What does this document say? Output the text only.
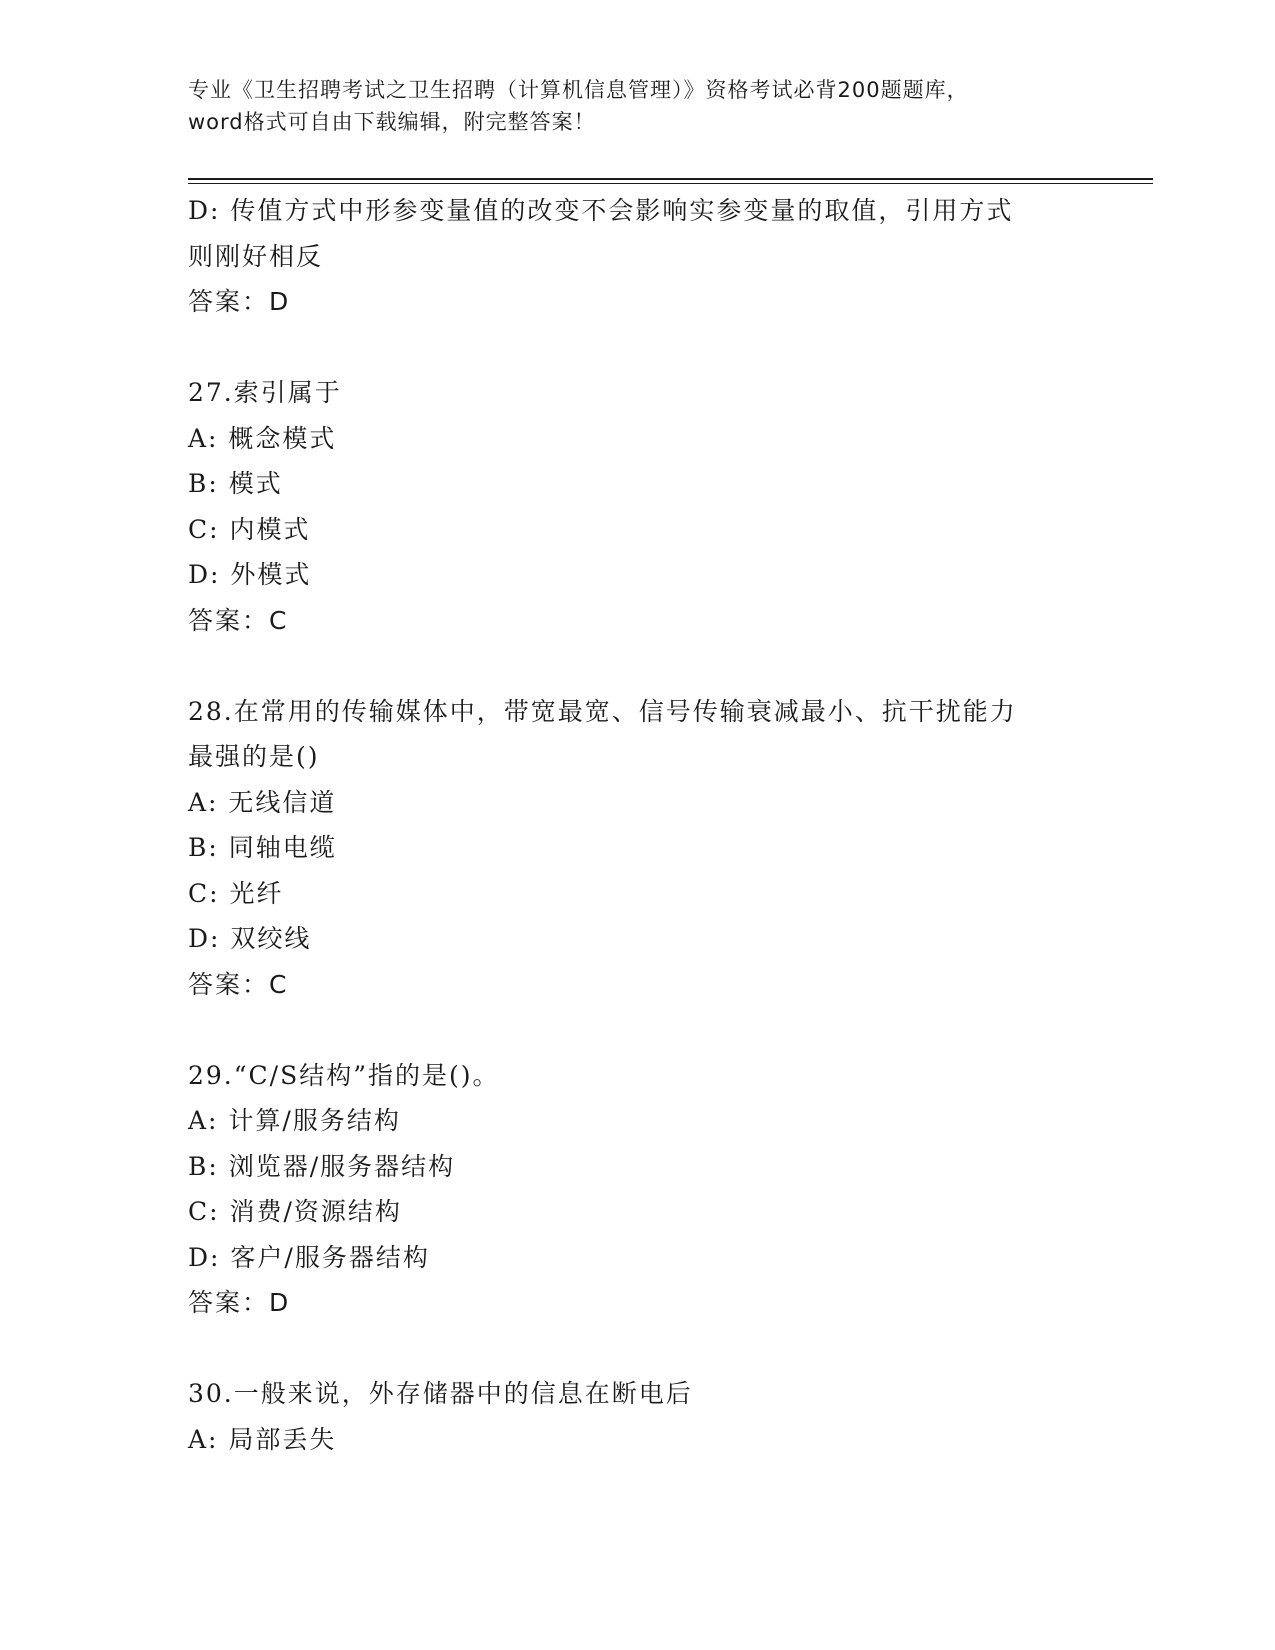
专业《卫生招聘考试之卫生招聘（计算机信息管理）》资格考试必背200题题库，
word格式可自由下载编辑，附完整答案！
D: 传值方式中形参变量值的改变不会影响实参变量的取值，引用方式
则刚好相反
答案：D
27.索引属于
A: 概念模式
B: 模式
C: 内模式
D: 外模式
答案：C
28.在常用的传输媒体中，带宽最宽、信号传输衰减最小、抗干扰能力
最强的是()
A: 无线信道
B: 同轴电缆
C: 光纤
D: 双绞线
答案：C
29.“C/S结构”指的是()。
A: 计算/服务结构
B: 浏览器/服务器结构
C: 消费/资源结构
D: 客户/服务器结构
答案：D
30.一般来说，外存储器中的信息在断电后
A: 局部丢失
